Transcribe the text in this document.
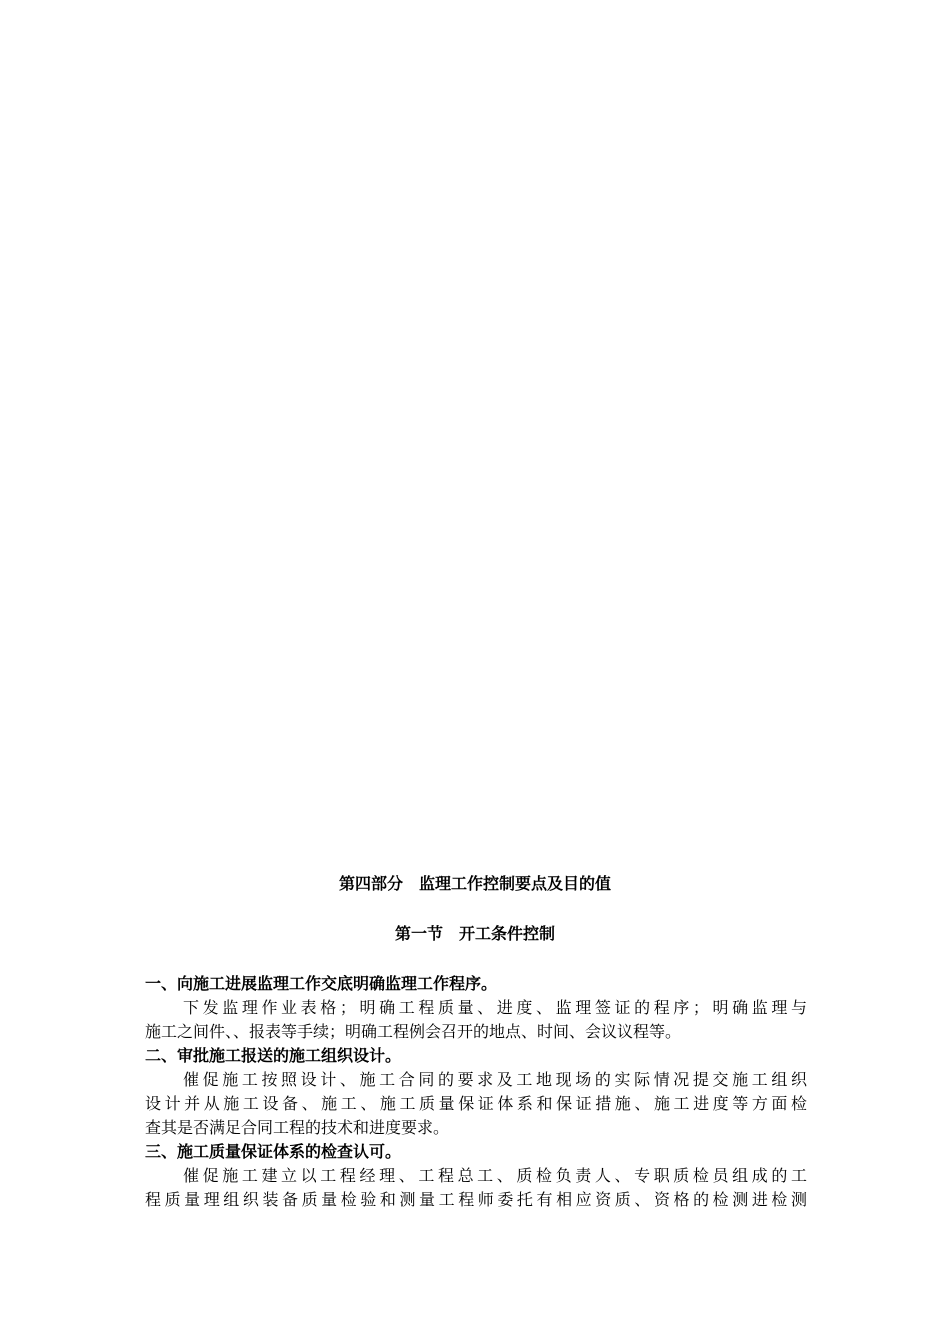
第四部分　监理工作控制要点及目的值
第一节　开工条件控制
一、向施工进展监理工作交底明确监理工作程序。
下发监理作业表格；明确工程质量、进度、监理签证的程序；明确监理与
施工之间件、、报表等手续；明确工程例会召开的地点、时间、会议议程等。
二、审批施工报送的施工组织设计。
催促施工按照设计、施工合同的要求及工地现场的实际情况提交施工组织
设计并从施工设备、施工、施工质量保证体系和保证措施、施工进度等方面检
查其是否满足合同工程的技术和进度要求。
三、施工质量保证体系的检查认可。
催促施工建立以工程经理、工程总工、质检负责人、专职质检员组成的工
程质量理组织装备质量检验和测量工程师委托有相应资质、资格的检测进检测
